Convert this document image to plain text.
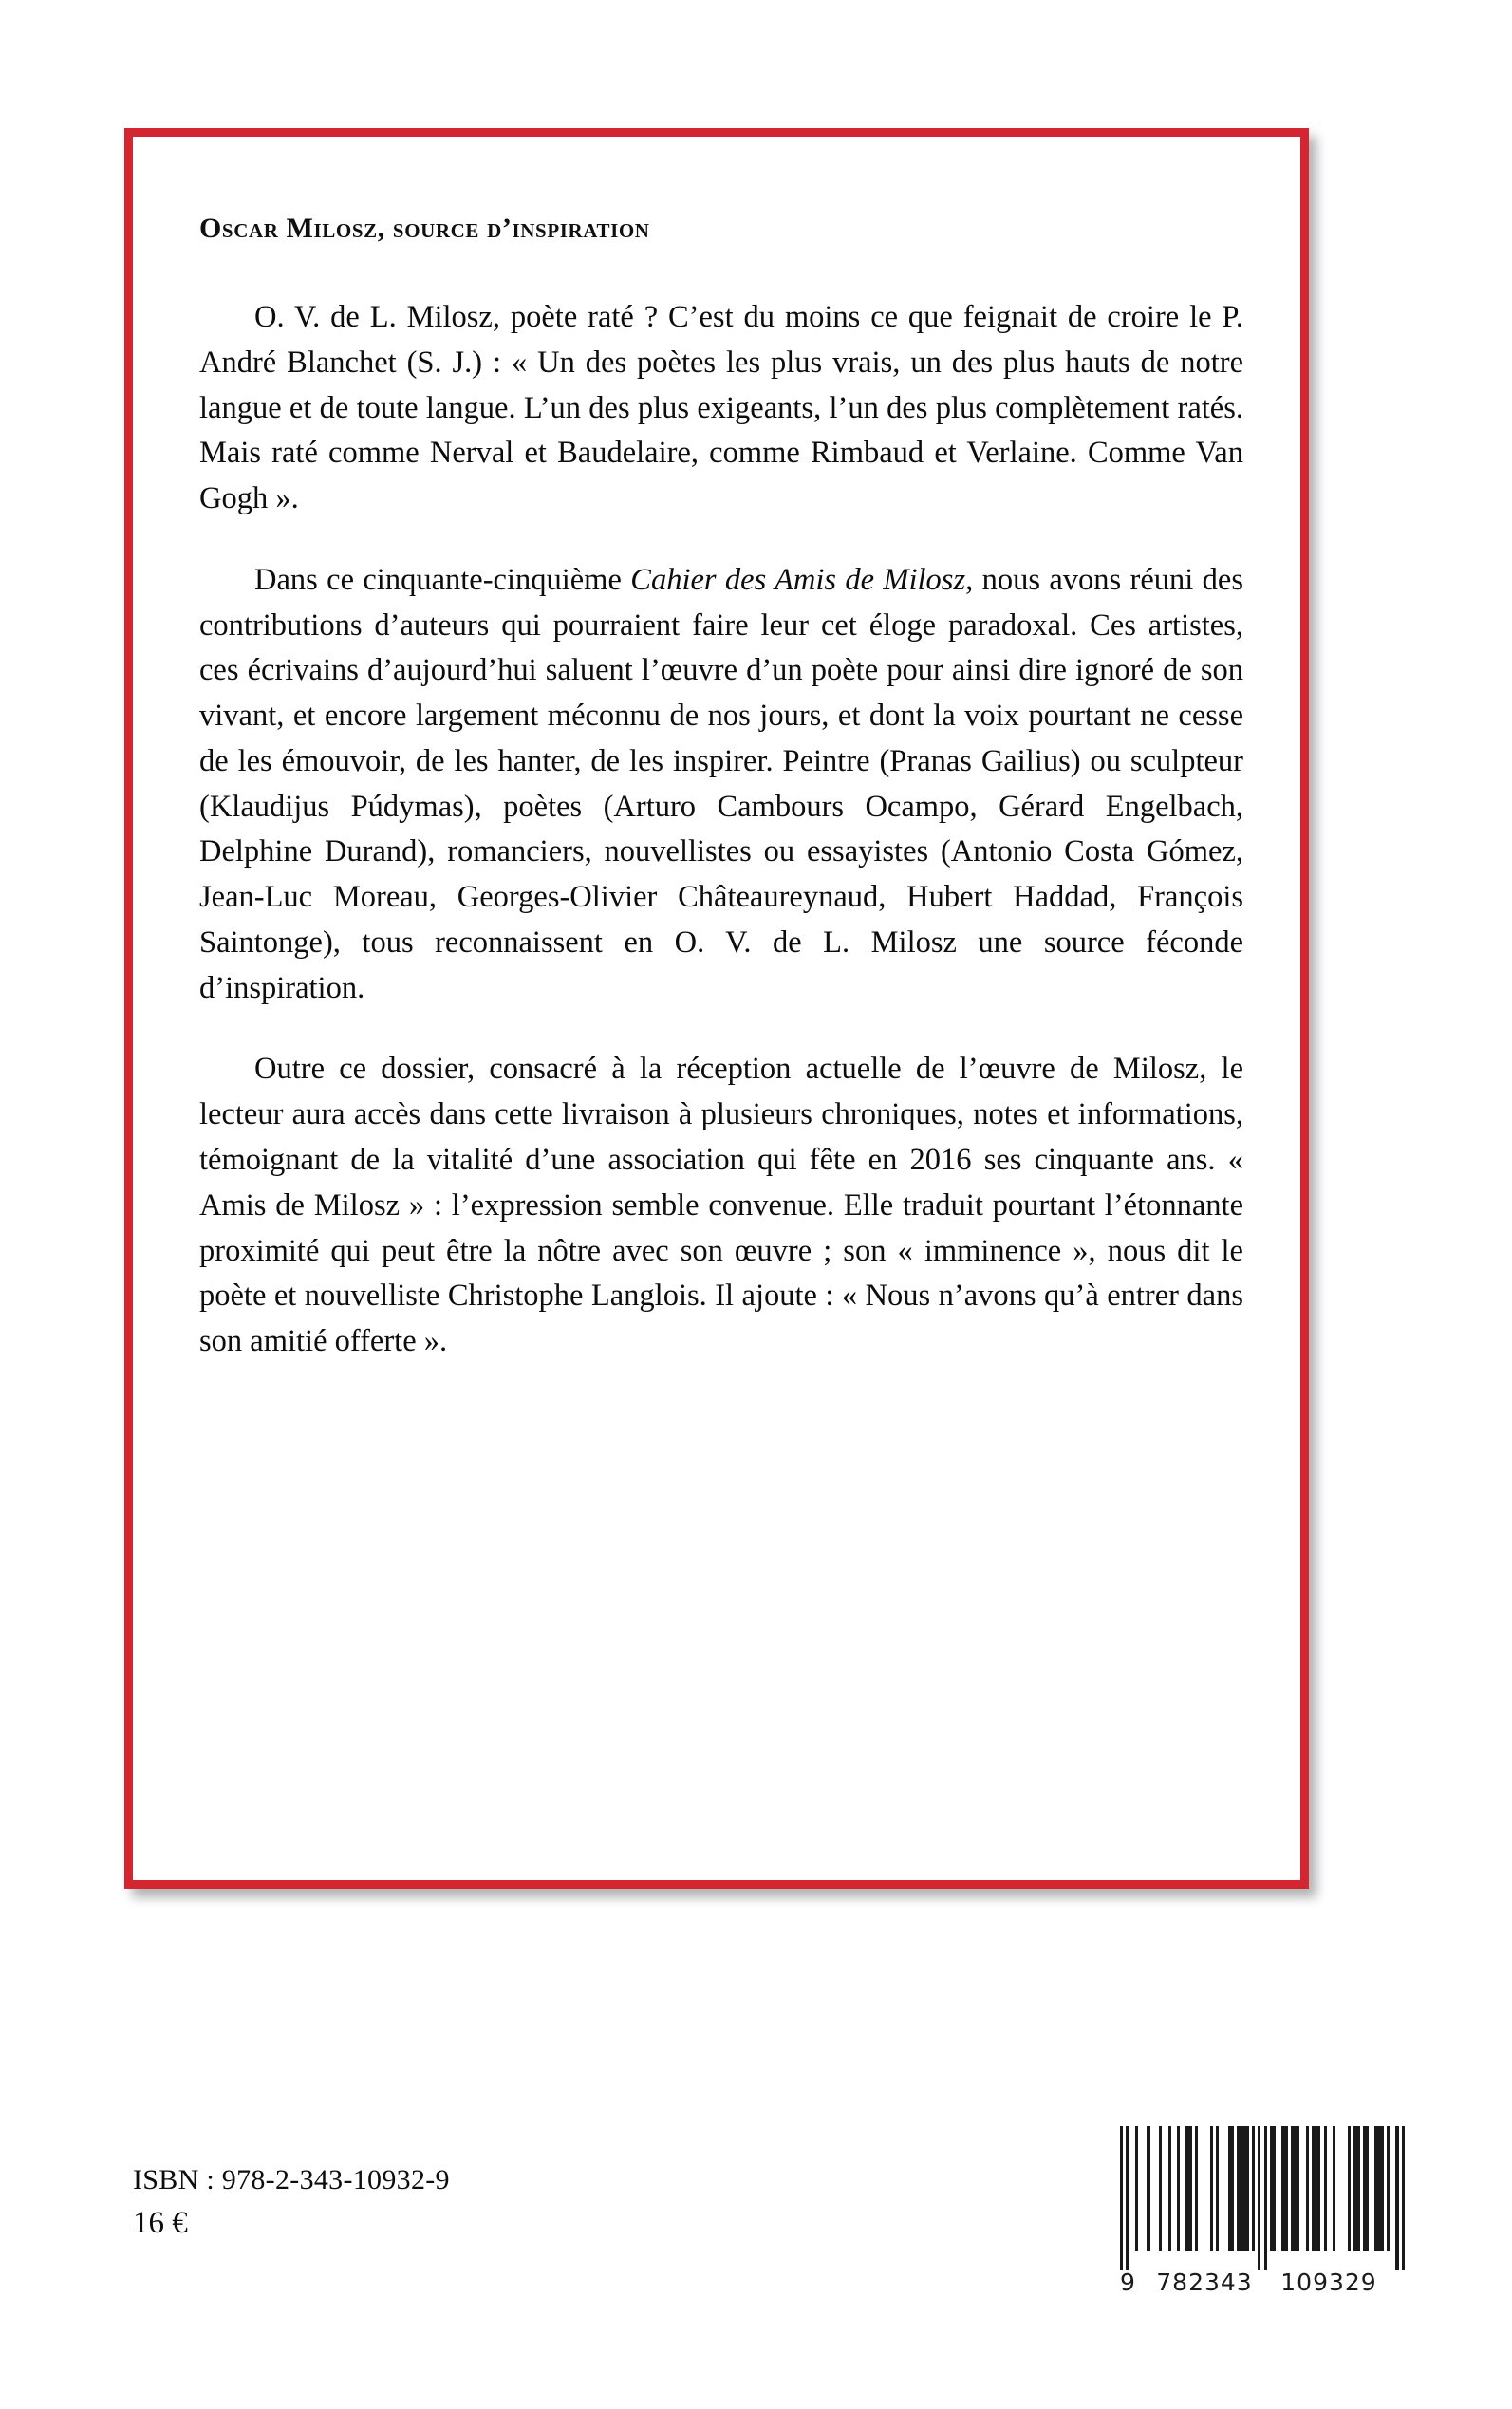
Oscar Milosz, source d’inspiration

O. V. de L. Milosz, poète raté ? C’est du moins ce que feignait de croire le P. André Blanchet (S. J.) : « Un des poètes les plus vrais, un des plus hauts de notre langue et de toute langue. L’un des plus exigeants, l’un des plus complètement ratés. Mais raté comme Nerval et Baudelaire, comme Rimbaud et Verlaine. Comme Van Gogh ».

Dans ce cinquante-cinquième Cahier des Amis de Milosz, nous avons réuni des contributions d’auteurs qui pourraient faire leur cet éloge paradoxal. Ces artistes, ces écrivains d’aujourd’hui saluent l’œuvre d’un poète pour ainsi dire ignoré de son vivant, et encore largement méconnu de nos jours, et dont la voix pourtant ne cesse de les émouvoir, de les hanter, de les inspirer. Peintre (Pranas Gailius) ou sculpteur (Klaudijus Púdymas), poètes (Arturo Cambours Ocampo, Gérard Engelbach, Delphine Durand), romanciers, nouvellistes ou essayistes (Antonio Costa Gómez, Jean-Luc Moreau, Georges-Olivier Châteaureynaud, Hubert Haddad, François Saintonge), tous reconnaissent en O. V. de L. Milosz une source féconde d’inspiration.

Outre ce dossier, consacré à la réception actuelle de l’œuvre de Milosz, le lecteur aura accès dans cette livraison à plusieurs chroniques, notes et informations, témoignant de la vitalité d’une association qui fête en 2016 ses cinquante ans. « Amis de Milosz » : l’expression semble convenue. Elle traduit pourtant l’étonnante proximité qui peut être la nôtre avec son œuvre ; son « imminence », nous dit le poète et nouvelliste Christophe Langlois. Il ajoute : « Nous n’avons qu’à entrer dans son amitié offerte ».

ISBN : 978-2-343-10932-9
16 €
9 782343	109329
